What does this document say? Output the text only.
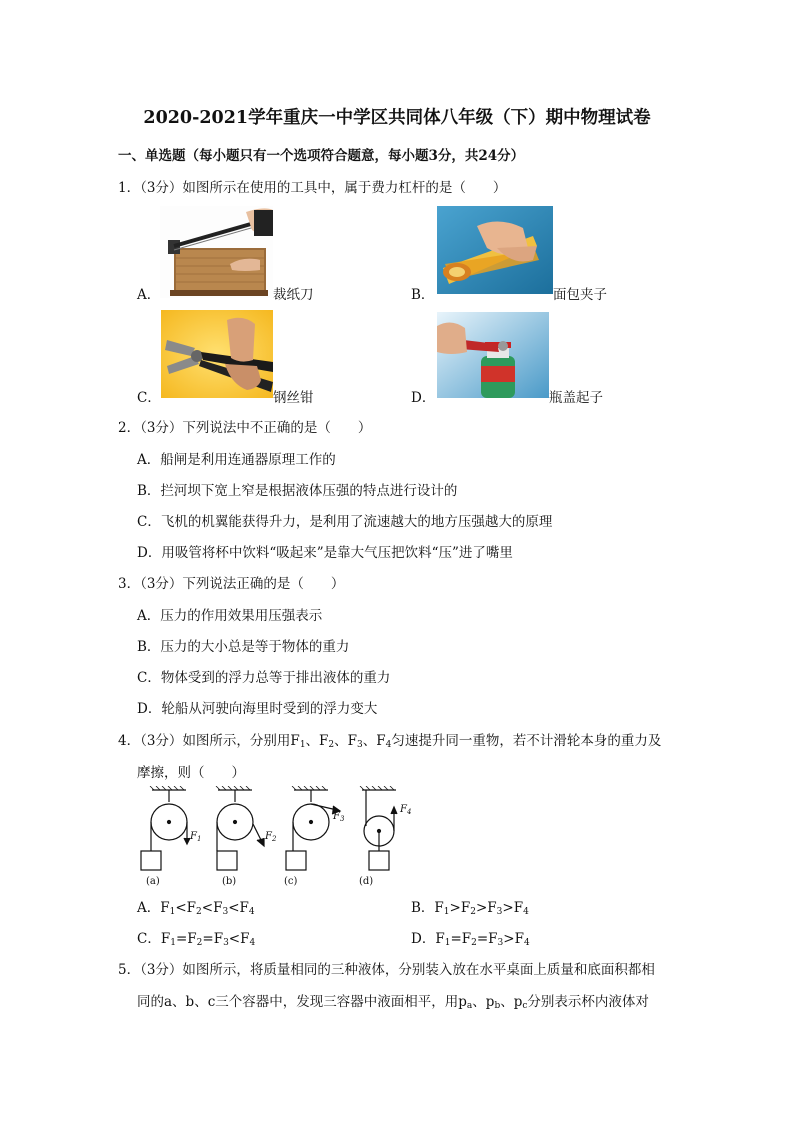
2020-2021学年重庆一中学区共同体八年级（下）期中物理试卷
一、单选题（每小题只有一个选项符合题意，每小题3分，共24分）
1．（3分）如图所示在使用的工具中，属于费力杠杆的是（　　）
A．	裁纸刀	B．	面包夹子
C．	钢丝钳	D．	瓶盖起子
2．（3分）下列说法中不正确的是（　　）
A．船闸是利用连通器原理工作的
B．拦河坝下宽上窄是根据液体压强的特点进行设计的
C．飞机的机翼能获得升力，是利用了流速越大的地方压强越大的原理
D．用吸管将杯中饮料“吸起来”是靠大气压把饮料“压”进了嘴里
3．（3分）下列说法正确的是（　　）
A．压力的作用效果用压强表示
B．压力的大小总是等于物体的重力
C．物体受到的浮力总等于排出液体的重力
D．轮船从河驶向海里时受到的浮力变大
4．（3分）如图所示，分别用$F_1$、$F_2$、$F_3$、$F_4$匀速提升同一重物，若不计滑轮本身的重力及
摩擦，则（　　）
$F_1$	$F_2$
$F_3$
$F_4$
(a)	(b)	(c)	(d)
A．$F_1<F_2<F_3<F_4$	B．$F_1>F_2>F_3>F_4$
C．$F_1=F_2=F_3<F_4$	D．$F_1=F_2=F_3>F_4$
5．（3分）如图所示，将质量相同的三种液体，分别装入放在水平桌面上质量和底面积都相
同的a、b、c三个容器中，发现三容器中液面相平，用$p_a$、$p_b$、$p_c$分别表示杯内液体对
